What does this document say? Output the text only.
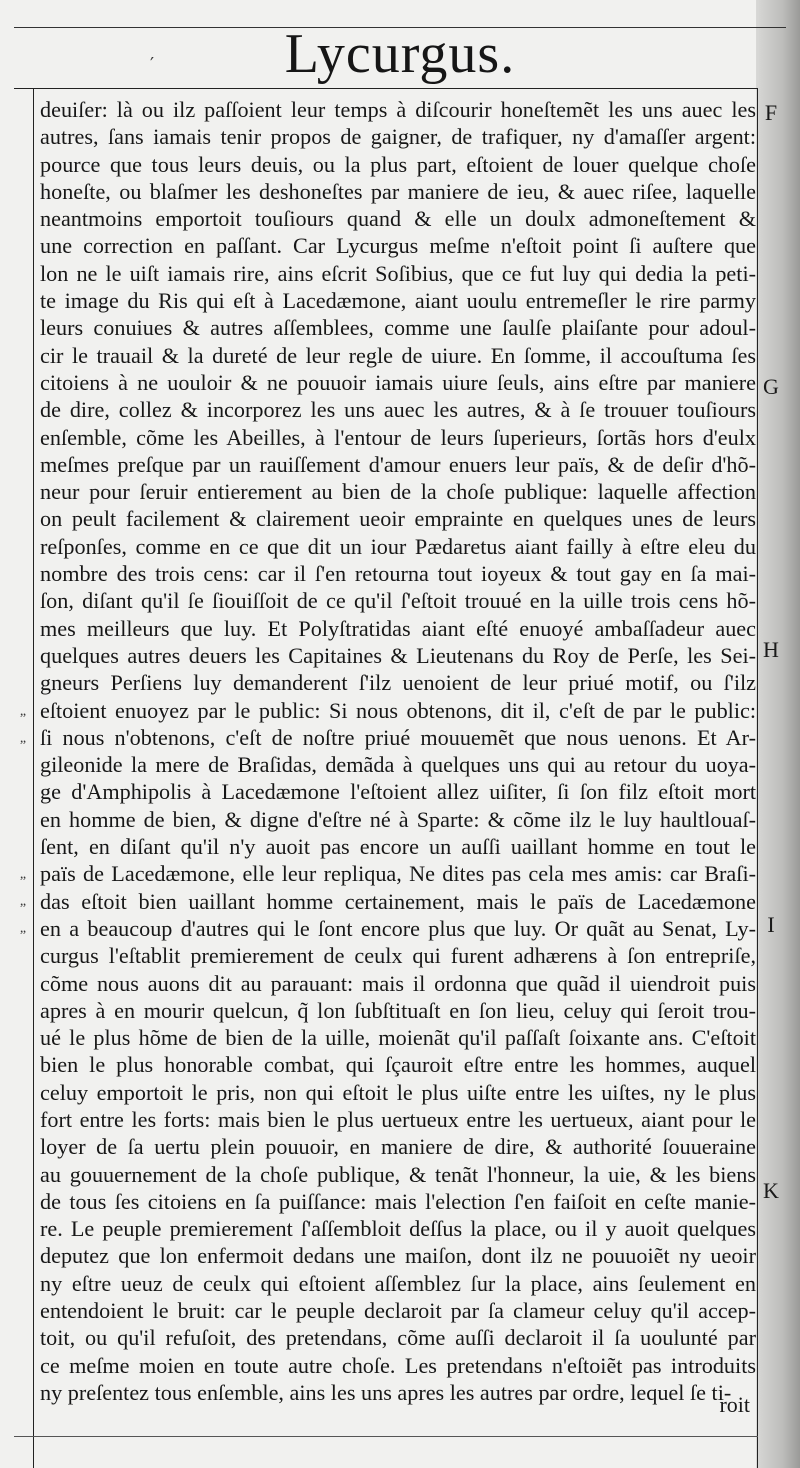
′	Lycurgus.
deuiſer: là ou ilz paſſoient leur temps à diſcourir honeſtemẽt les uns auec les
autres, ſans iamais tenir propos de gaigner, de trafiquer, ny d'amaſſer argent:
pource que tous leurs deuis, ou la plus part, eſtoient de louer quelque choſe
honeſte, ou blaſmer les deshoneſtes par maniere de ieu, & auec riſee, laquelle
neantmoins emportoit touſiours quand & elle un doulx admoneſtement &
une correction en paſſant. Car Lycurgus meſme n'eſtoit point ſi auſtere que
lon ne le uiſt iamais rire, ains eſcrit Soſibius, que ce fut luy qui dedia la peti-
te image du Ris qui eſt à Lacedæmone, aiant uoulu entremeſler le rire parmy
leurs conuiues & autres aſſemblees, comme une ſaulſe plaiſante pour adoul-
cir le trauail & la dureté de leur regle de uiure. En ſomme, il accouſtuma ſes
citoiens à ne uouloir & ne pouuoir iamais uiure ſeuls, ains eſtre par maniere
de dire, collez & incorporez les uns auec les autres, & à ſe trouuer touſiours
enſemble, cõme les Abeilles, à l'entour de leurs ſuperieurs, ſortãs hors d'eulx
meſmes preſque par un rauiſſement d'amour enuers leur païs, & de deſir d'hõ-
neur pour ſeruir entierement au bien de la choſe publique: laquelle affection
on peult facilement & clairement ueoir emprainte en quelques unes de leurs
reſponſes, comme en ce que dit un iour Pædaretus aiant failly à eſtre eleu du
nombre des trois cens: car il ſ'en retourna tout ioyeux & tout gay en ſa mai-
ſon, diſant qu'il ſe ſiouiſſoit de ce qu'il ſ'eſtoit trouué en la uille trois cens hõ-
mes meilleurs que luy. Et Polyſtratidas aiant eſté enuoyé ambaſſadeur auec
quelques autres deuers les Capitaines & Lieutenans du Roy de Perſe, les Sei-
gneurs Perſiens luy demanderent ſ'ilz uenoient de leur priué motif, ou ſ'ilz
eſtoient enuoyez par le public: Si nous obtenons, dit il, c'eſt de par le public:
ſi nous n'obtenons, c'eſt de noſtre priué mouuemẽt que nous uenons. Et Ar-
gileonide la mere de Braſidas, demãda à quelques uns qui au retour du uoya-
ge d'Amphipolis à Lacedæmone l'eſtoient allez uiſiter, ſi ſon filz eſtoit mort
en homme de bien, & digne d'eſtre né à Sparte: & cõme ilz le luy haultlouaſ-
ſent, en diſant qu'il n'y auoit pas encore un auſſi uaillant homme en tout le
païs de Lacedæmone, elle leur repliqua, Ne dites pas cela mes amis: car Braſi-
das eſtoit bien uaillant homme certainement, mais le païs de Lacedæmone
en a beaucoup d'autres qui le ſont encore plus que luy. Or quãt au Senat, Ly-
curgus l'eſtablit premierement de ceulx qui furent adhærens à ſon entrepriſe,
cõme nous auons dit au parauant: mais il ordonna que quãd il uiendroit puis
apres à en mourir quelcun, q̃ lon ſubſtituaſt en ſon lieu, celuy qui ſeroit trou-
ué le plus hõme de bien de la uille, moienãt qu'il paſſaſt ſoixante ans. C'eſtoit
bien le plus honorable combat, qui ſçauroit eſtre entre les hommes, auquel
celuy emportoit le pris, non qui eſtoit le plus uiſte entre les uiſtes, ny le plus
fort entre les forts: mais bien le plus uertueux entre les uertueux, aiant pour le
loyer de ſa uertu plein pouuoir, en maniere de dire, & authorité ſouueraine
au gouuernement de la choſe publique, & tenãt l'honneur, la uie, & les biens
de tous ſes citoiens en ſa puiſſance: mais l'election ſ'en faiſoit en ceſte manie-
re. Le peuple premierement ſ'aſſembloit deſſus la place, ou il y auoit quelques
deputez que lon enfermoit dedans une maiſon, dont ilz ne pouuoiẽt ny ueoir
ny eſtre ueuz de ceulx qui eſtoient aſſemblez ſur la place, ains ſeulement en
entendoient le bruit: car le peuple declaroit par ſa clameur celuy qu'il accep-
toit, ou qu'il refuſoit, des pretendans, cõme auſſi declaroit il ſa uoulunté par
ce meſme moien en toute autre choſe. Les pretendans n'eſtoiẽt pas introduits
ny preſentez tous enſemble, ains les uns apres les autres par ordre, lequel ſe ti-
F
G
H
I
K
„
„
„
„
„
roit
